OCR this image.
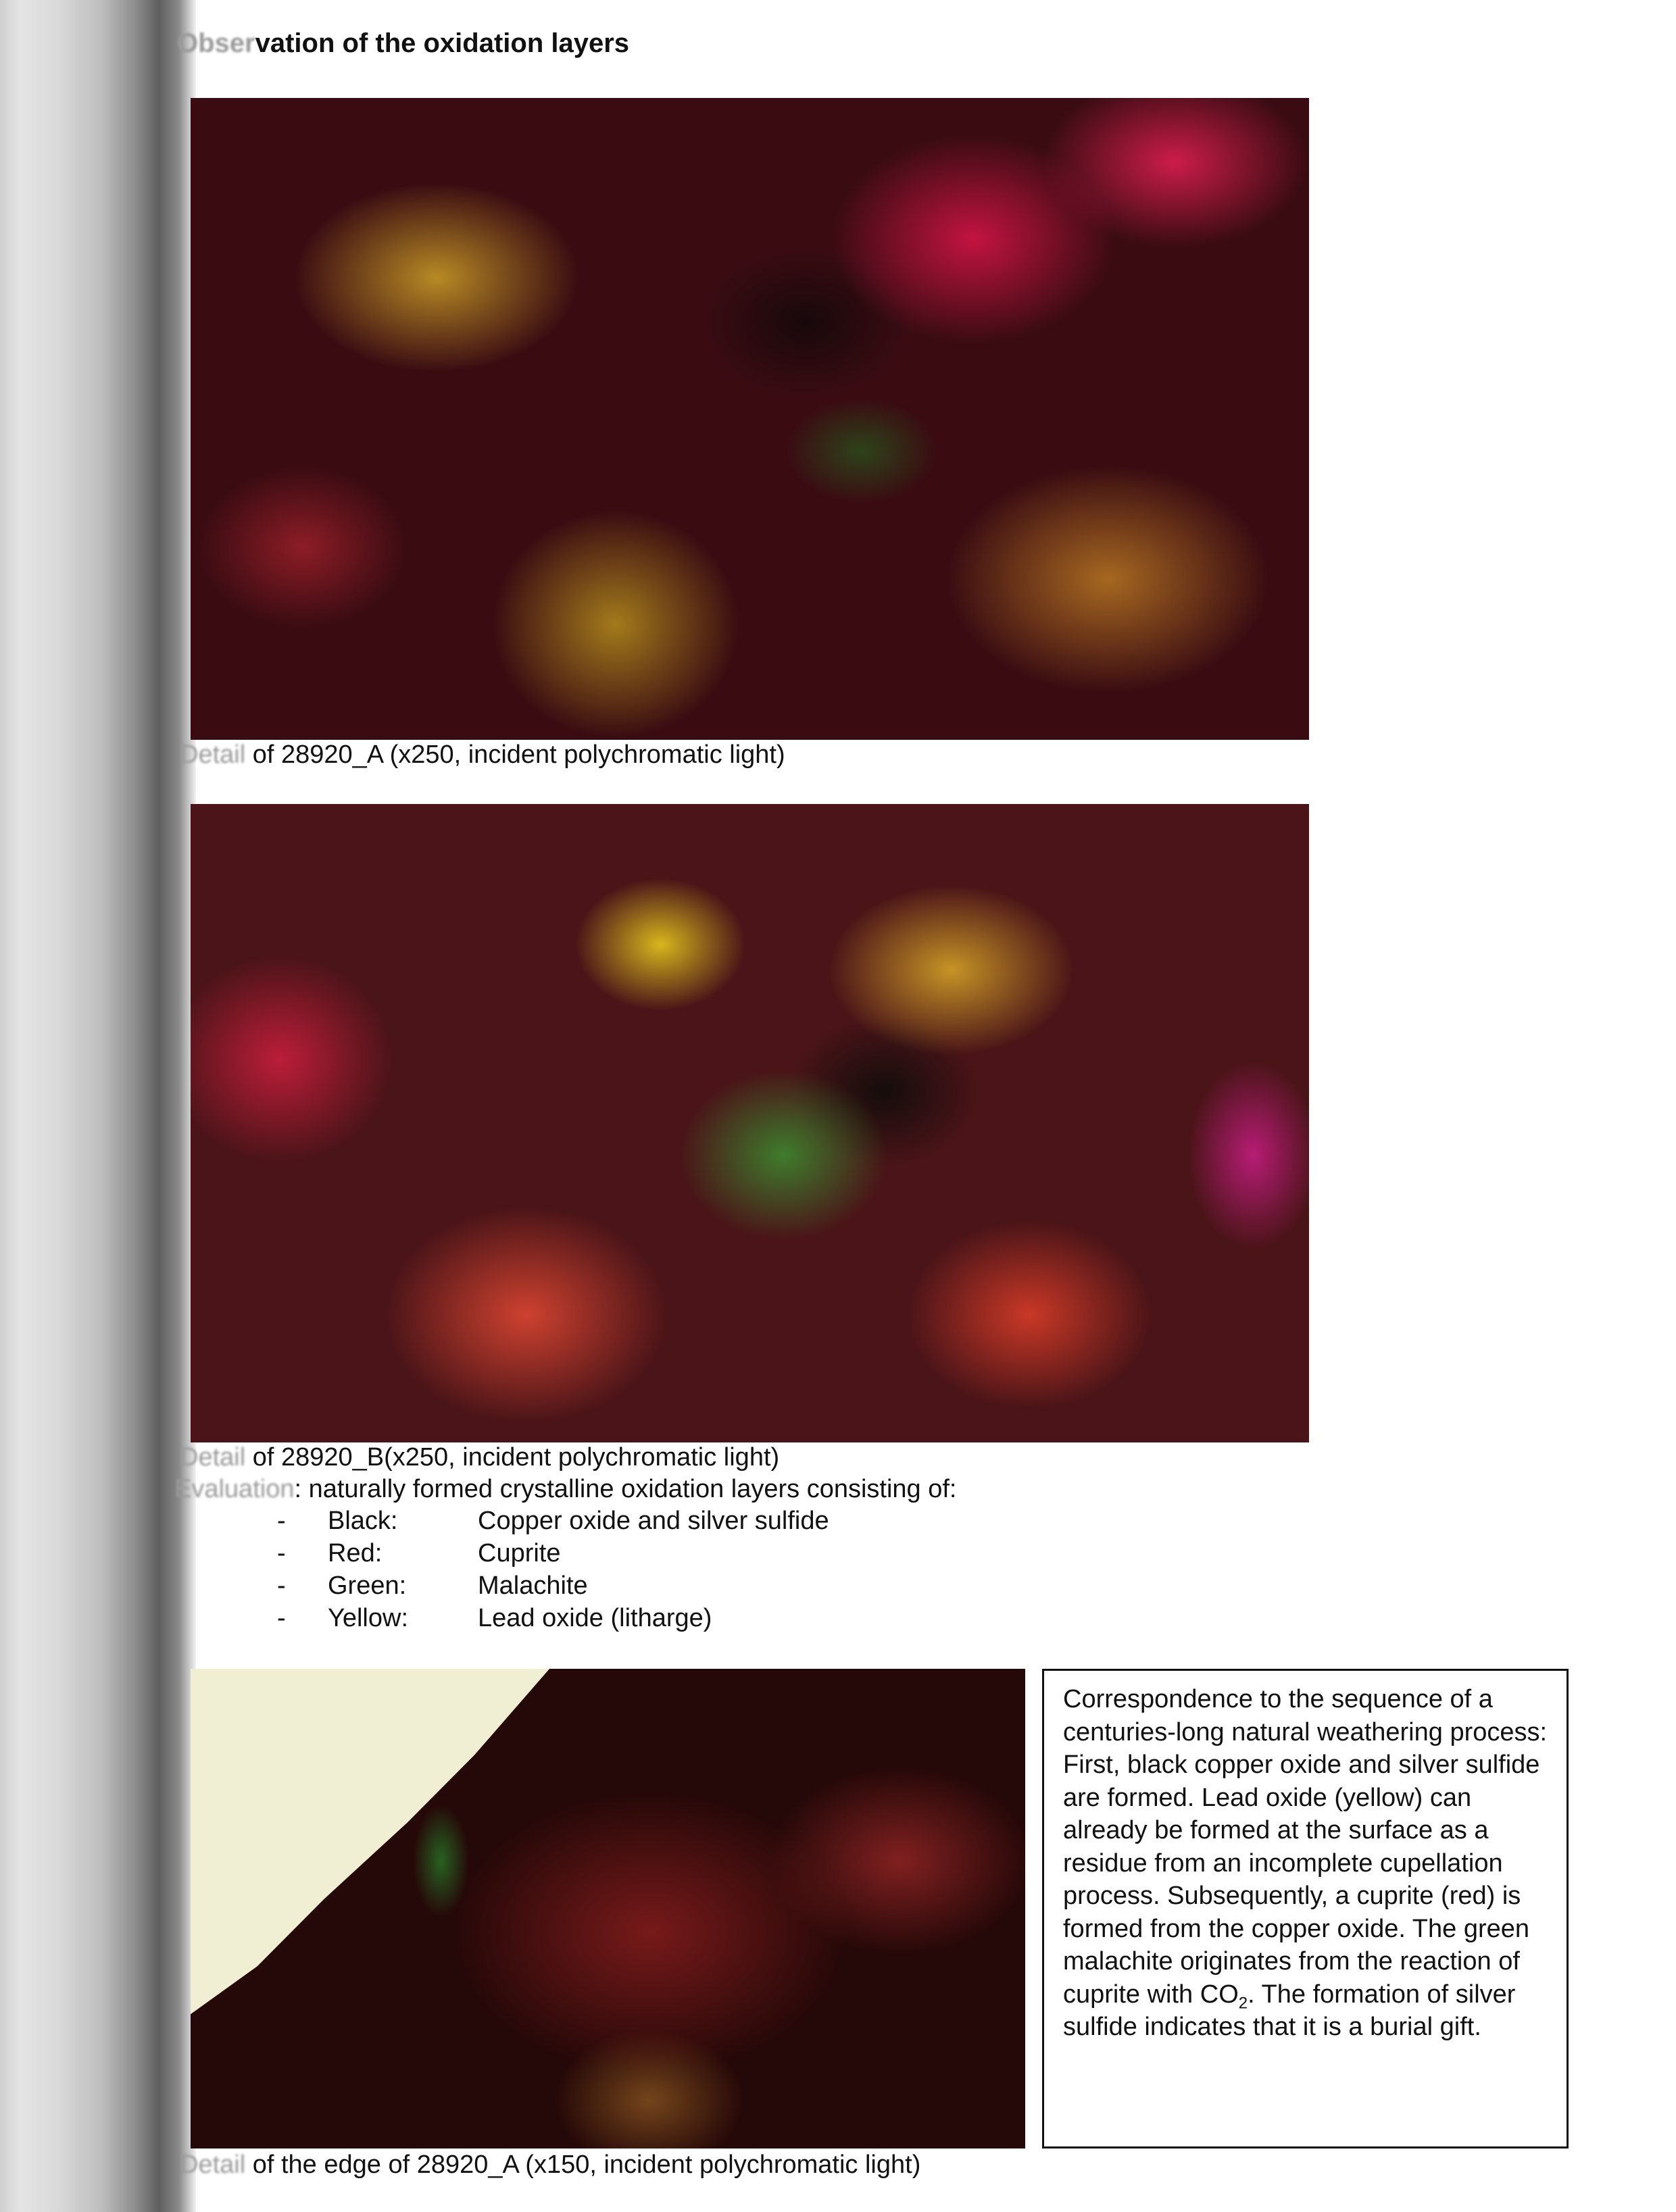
Observation of the oxidation layers
Detail of 28920_A (x250, incident polychromatic light)
Detail of 28920_B(x250, incident polychromatic light)
Evaluation: naturally formed crystalline oxidation layers consisting of:
- Black:	Copper oxide and silver sulfide
- Red:	Cuprite
- Green:	Malachite
- Yellow:	Lead oxide (litharge)

Correspondence to the sequence of a centuries-long natural weathering process:

First, black copper oxide and silver sulfide are formed. Lead oxide (yellow) can already be formed at the surface as a residue from an incomplete cupellation process. Subsequently, a cuprite (red) is formed from the copper oxide. The green malachite originates from the reaction of cuprite with $CO_2$. The formation of silver sulfide indicates that it is a burial gift.

Detail of the edge of 28920_A (x150, incident polychromatic light)
